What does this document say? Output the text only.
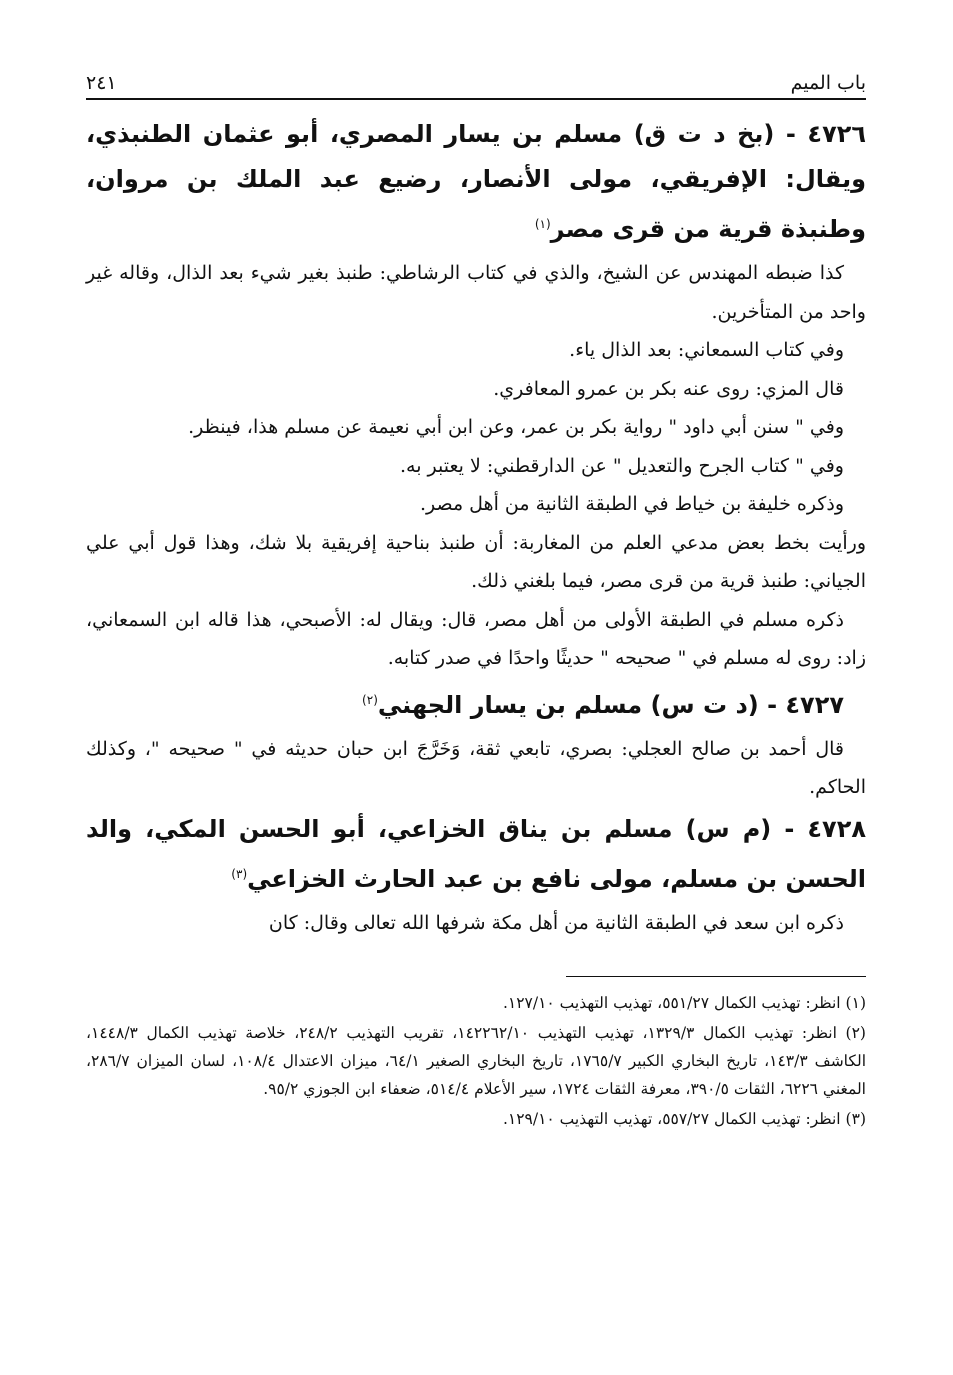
باب الميم
٢٤١
٤٧٢٦ - (بخ د ت ق) مسلم بن يسار المصري، أبو عثمان الطنبذي، ويقال: الإفريقي، مولى الأنصار، رضيع عبد الملك بن مروان، وطنبذة قرية من قرى مصر$^{(١)}$

كذا ضبطه المهندس عن الشيخ، والذي في كتاب الرشاطي: طنبذ بغير شيء بعد الذال، وقاله غير واحد من المتأخرين.

وفي كتاب السمعاني: بعد الذال ياء.

قال المزي: روى عنه بكر بن عمرو المعافري.

وفي " سنن أبي داود " رواية بكر بن عمر، وعن ابن أبي نعيمة عن مسلم هذا، فينظر.

وفي " كتاب الجرح والتعديل " عن الدارقطني: لا يعتبر به.

وذكره خليفة بن خياط في الطبقة الثانية من أهل مصر.

ورأيت بخط بعض مدعي العلم من المغاربة: أن طنبذ بناحية إفريقية بلا شك، وهذا قول أبي علي الجياني: طنبذ قرية من قرى مصر، فيما بلغني ذلك.

ذكره مسلم في الطبقة الأولى من أهل مصر، قال: ويقال له: الأصبحي، هذا قاله ابن السمعاني، زاد: روى له مسلم في " صحيحه " حديثًا واحدًا في صدر كتابه.

٤٧٢٧ - (د ت س) مسلم بن يسار الجهني$^{(٢)}$

قال أحمد بن صالح العجلي: بصري، تابعي ثقة، وَخَرَّجَ ابن حبان حديثه في " صحيحه "، وكذلك الحاكم.

٤٧٢٨ - (م س) مسلم بن يناق الخزاعي، أبو الحسن المكي، والد الحسن بن مسلم، مولى نافع بن عبد الحارث الخزاعي$^{(٣)}$

ذكره ابن سعد في الطبقة الثانية من أهل مكة شرفها الله تعالى وقال: كان

(١) انظر: تهذيب الكمال ٥٥١/٢٧، تهذيب التهذيب ١٢٧/١٠.

(٢) انظر: تهذيب الكمال ١٣٢٩/٣، تهذيب التهذيب ١٤٢٢٦٢/١٠، تقريب التهذيب ٢٤٨/٢، خلاصة تهذيب الكمال ١٤٤٨/٣، الكاشف ١٤٣/٣، تاريخ البخاري الكبير ١٧٦٥/٧، تاريخ البخاري الصغير ٦٤/١، ميزان الاعتدال ١٠٨/٤، لسان الميزان ٢٨٦/٧، المغني ٦٢٢٦، الثقات ٣٩٠/٥، معرفة الثقات ١٧٢٤، سير الأعلام ٥١٤/٤، ضعفاء ابن الجوزي ٩٥/٢.

(٣) انظر: تهذيب الكمال ٥٥٧/٢٧، تهذيب التهذيب ١٢٩/١٠.
